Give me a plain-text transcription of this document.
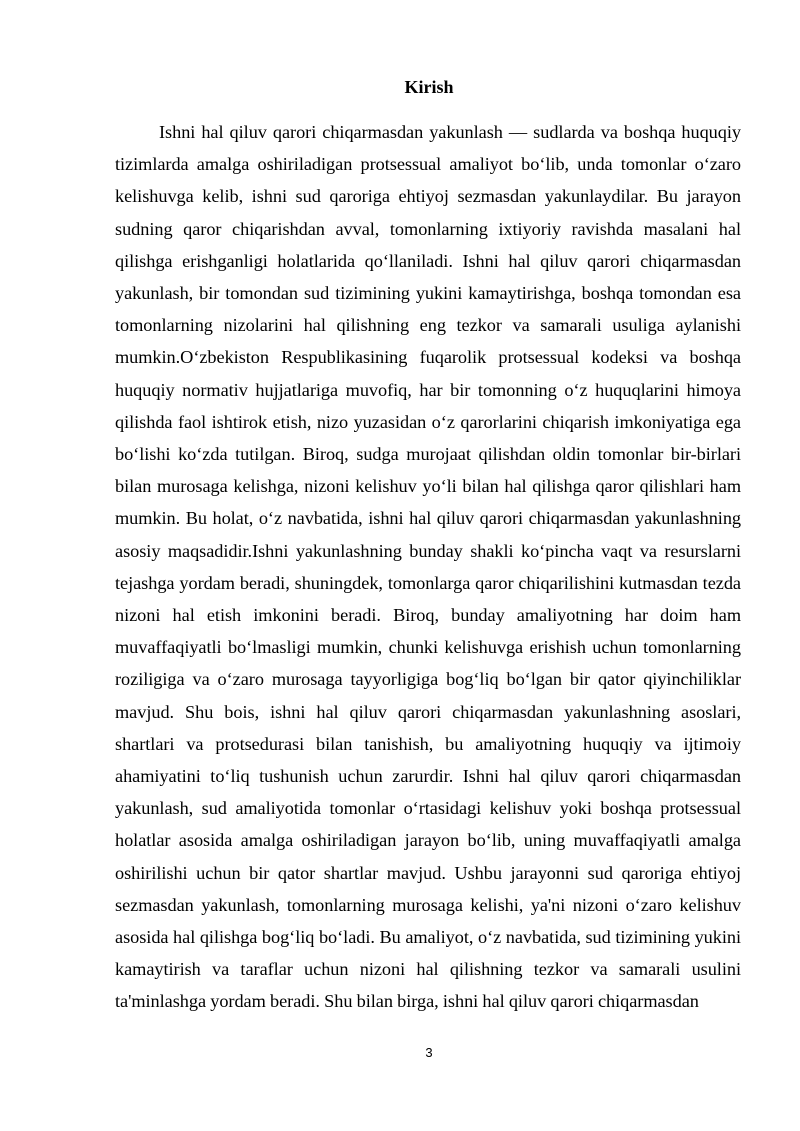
Kirish

Ishni hal qiluv qarori chiqarmasdan yakunlash — sudlarda va boshqa huquqiy tizimlarda amalga oshiriladigan protsessual amaliyot bo‘lib, unda tomonlar o‘zaro kelishuvga kelib, ishni sud qaroriga ehtiyoj sezmasdan yakunlaydilar. Bu jarayon sudning qaror chiqarishdan avval, tomonlarning ixtiyoriy ravishda masalani hal qilishga erishganligi holatlarida qo‘llaniladi. Ishni hal qiluv qarori chiqarmasdan yakunlash, bir tomondan sud tizimining yukini kamaytirishga, boshqa tomondan esa tomonlarning nizolarini hal qilishning eng tezkor va samarali usuliga aylanishi mumkin.O‘zbekiston Respublikasining fuqarolik protsessual kodeksi va boshqa huquqiy normativ hujjatlariga muvofiq, har bir tomonning o‘z huquqlarini himoya qilishda faol ishtirok etish, nizo yuzasidan o‘z qarorlarini chiqarish imkoniyatiga ega bo‘lishi ko‘zda tutilgan. Biroq, sudga murojaat qilishdan oldin tomonlar bir-birlari bilan murosaga kelishga, nizoni kelishuv yo‘li bilan hal qilishga qaror qilishlari ham mumkin. Bu holat, o‘z navbatida, ishni hal qiluv qarori chiqarmasdan yakunlashning asosiy maqsadidir.Ishni yakunlashning bunday shakli ko‘pincha vaqt va resurslarni tejashga yordam beradi, shuningdek, tomonlarga qaror chiqarilishini kutmasdan tezda nizoni hal etish imkonini beradi. Biroq, bunday amaliyotning har doim ham muvaffaqiyatli bo‘lmasligi mumkin, chunki kelishuvga erishish uchun tomonlarning roziligiga va o‘zaro murosaga tayyorligiga bog‘liq bo‘lgan bir qator qiyinchiliklar mavjud. Shu bois, ishni hal qiluv qarori chiqarmasdan yakunlashning asoslari, shartlari va protsedurasi bilan tanishish, bu amaliyotning huquqiy va ijtimoiy ahamiyatini to‘liq tushunish uchun zarurdir. Ishni hal qiluv qarori chiqarmasdan yakunlash, sud amaliyotida tomonlar o‘rtasidagi kelishuv yoki boshqa protsessual holatlar asosida amalga oshiriladigan jarayon bo‘lib, uning muvaffaqiyatli amalga oshirilishi uchun bir qator shartlar mavjud. Ushbu jarayonni sud qaroriga ehtiyoj sezmasdan yakunlash, tomonlarning murosaga kelishi, ya'ni nizoni o‘zaro kelishuv asosida hal qilishga bog‘liq bo‘ladi. Bu amaliyot, o‘z navbatida, sud tizimining yukini kamaytirish va taraflar uchun nizoni hal qilishning tezkor va samarali usulini ta'minlashga yordam beradi. Shu bilan birga, ishni hal qiluv qarori chiqarmasdan

3
